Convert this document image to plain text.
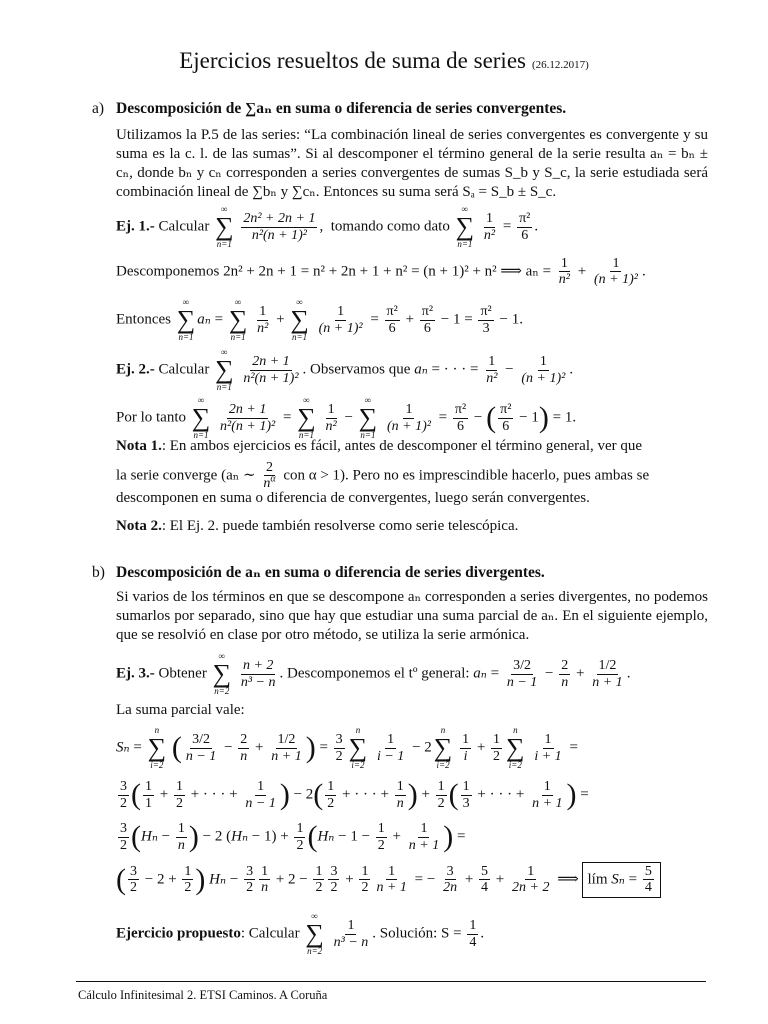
Ejercicios resueltos de suma de series (26.12.2017)
a) Descomposición de ∑aₙ en suma o diferencia de series convergentes.
Utilizamos la P.5 de las series: “La combinación lineal de series convergentes es convergente y su suma es la c. l. de las sumas”. Si al descomponer el término general de la serie resulta aₙ = bₙ ± cₙ, donde bₙ y cₙ corresponden a series convergentes de sumas S_b y S_c, la serie estudiada será combinación lineal de ∑bₙ y ∑cₙ. Entonces su suma será Sₐ = S_b ± S_c.
Ej. 1.- Calcular
∞
∑
n=1

$\frac{\text{2n² + 2n + 1}}{\text{n²(n + 1)²}}$ ,  tomando como dato
∞
∑
n=1

$\frac{1}{\text{n²}} = \frac{\text{π²}}{6}$ .
Descomponemos 2n² + 2n + 1 = n² + 2n + 1 + n² = (n + 1)² + n² ⟹ $a_n = \frac{1}{\text{n²}} + \frac{1}{\text{(n + 1)²}}$ .
Entonces
∞
∑
n=1
aₙ =
∞
∑
n=1

$\frac{1}{\text{n²}}$ +
∞
∑
n=1

$\frac{1}{\text{(n + 1)²}} = \frac{\text{π²}}{6} + \frac{\text{π²}}{6} - 1 = \frac{\text{π²}}{3} - 1$.
Ej. 2.- Calcular
∞
∑
n=1

$\frac{2n + 1}{\text{n²(n + 1)²}}$ . Observamos que aₙ = · · · = $\frac{1}{\text{n²}} - \frac{1}{\text{(n + 1)²}}$ .
Por lo tanto
∞
∑
n=1

$\frac{2n + 1}{\text{n²(n + 1)²}}$ =
∞
∑
n=1

$\frac{1}{\text{n²}}$ −
∞
∑
n=1

$\frac{1}{\text{(n + 1)²}} = \frac{\text{π²}}{6}$ − ( $\frac{\text{π²}}{6} - 1) = 1$.
Nota 1.: En ambos ejercicios es fácil, antes de descomponer el término general, ver que
la serie converge (aₙ ∼ $\frac{2}{n^\alpha}$ con α > 1). Pero no es imprescindible hacerlo, pues ambas se
descomponen en suma o diferencia de convergentes, luego serán convergentes.
Nota 2.: El Ej. 2. puede también resolverse como serie telescópica.
b) Descomposición de aₙ en suma o diferencia de series divergentes.
Si varios de los términos en que se descompone aₙ corresponden a series divergentes, no podemos sumarlos por separado, sino que hay que estudiar una suma parcial de aₙ. En el siguiente ejemplo, que se resolvió en clase por otro método, se utiliza la serie armónica.
Ej. 3.- Obtener
∞
∑
n=2

$\frac{n + 2}{\text{n³ − n}}$ . Descomponemos el tº general: $a_n = \frac{3/2}{n - 1} - \frac{2}{n} + \frac{1/2}{n + 1}$ .
La suma parcial vale:
Sₙ =
n
∑
i=2
( $\frac{3/2}{n - 1} - \frac{2}{n} + \frac{1/2}{n + 1}$ ) = $\frac{3}{2}$
n
∑
i=2

$\frac{1}{i - 1} - 2$
n
∑
i=2

$\frac{1}{i} + \frac{1}{2}$
n
∑
i=2

$\frac{1}{i + 1}$ =
$\frac{3}{2}$ ( $\frac{1}{1} + \frac{1}{2}$ + · · · + $\frac{1}{n - 1}$ ) − $2( \frac{1}{2}$ + · · · + $\frac{1}{n}$ ) + $\frac{1}{2}$ ( $\frac{1}{3}$ + · · · + $\frac{1}{n + 1}$ ) =
$\frac{3}{2} (H_n - \frac{1}{n}$ ) − 2 $(H_n - 1) + \frac{1}{2} (H_n - 1 - \frac{1}{2} + \frac{1}{n + 1}$ ) =
( $\frac{3}{2} - 2 + \frac{1}{2}$ ) $H_n - \frac{3}{2} \frac{1}{n} + 2 - \frac{1}{2} \frac{3}{2} + \frac{1}{2} \frac{1}{n + 1}$ = − $\frac{3}{2n} + \frac{5}{4} + \frac{1}{2n + 2}$ ⟹ lím $S_n = \frac{5}{4}$
Ejercicio propuesto: Calcular
∞
∑
n=2

$\frac{1}{\text{n³ − n}}$ . Solución: $S = \frac{1}{4}$ .
Cálculo Infinitesimal 2. ETSI Caminos. A Coruña
